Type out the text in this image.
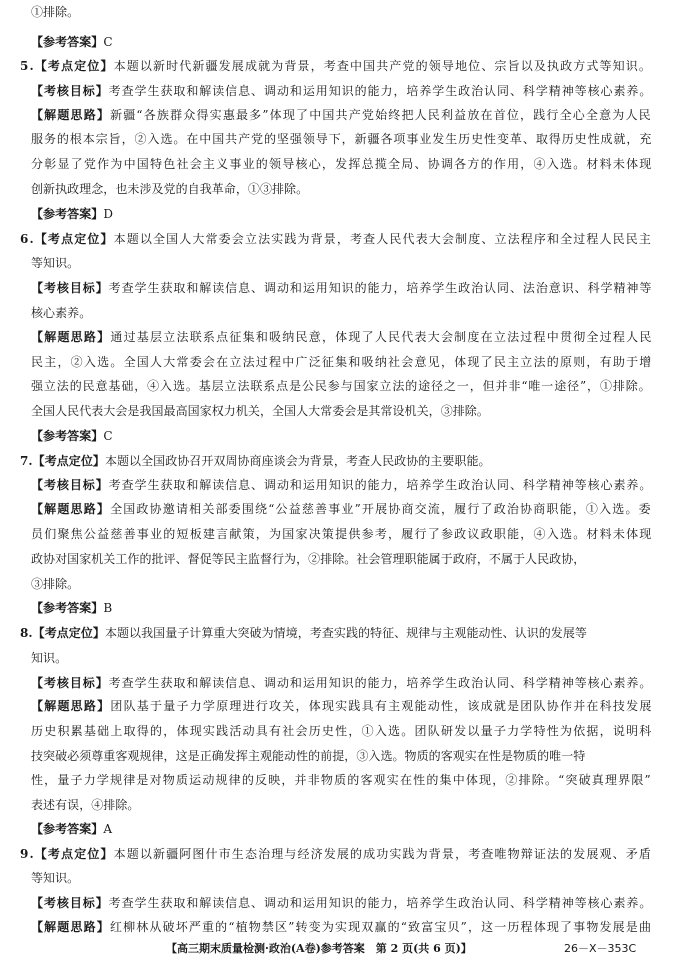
①排除。
【参考答案】C
5.【考点定位】本题以新时代新疆发展成就为背景，考查中国共产党的领导地位、宗旨以及执政方式等知识。
【考核目标】考查学生获取和解读信息、调动和运用知识的能力，培养学生政治认同、科学精神等核心素养。
【解题思路】新疆“各族群众得实惠最多”体现了中国共产党始终把人民利益放在首位，践行全心全意为人民
服务的根本宗旨，②入选。在中国共产党的坚强领导下，新疆各项事业发生历史性变革、取得历史性成就，充
分彰显了党作为中国特色社会主义事业的领导核心，发挥总揽全局、协调各方的作用，④入选。材料未体现
创新执政理念，也未涉及党的自我革命，①③排除。
【参考答案】D
6.【考点定位】本题以全国人大常委会立法实践为背景，考查人民代表大会制度、立法程序和全过程人民民主
等知识。
【考核目标】考查学生获取和解读信息、调动和运用知识的能力，培养学生政治认同、法治意识、科学精神等
核心素养。
【解题思路】通过基层立法联系点征集和吸纳民意，体现了人民代表大会制度在立法过程中贯彻全过程人民
民主，②入选。全国人大常委会在立法过程中广泛征集和吸纳社会意见，体现了民主立法的原则，有助于增
强立法的民意基础，④入选。基层立法联系点是公民参与国家立法的途径之一，但并非“唯一途径”，①排除。
全国人民代表大会是我国最高国家权力机关，全国人大常委会是其常设机关，③排除。
【参考答案】C
7.【考点定位】本题以全国政协召开双周协商座谈会为背景，考查人民政协的主要职能。
【考核目标】考查学生获取和解读信息、调动和运用知识的能力，培养学生政治认同、科学精神等核心素养。
【解题思路】全国政协邀请相关部委围绕“公益慈善事业”开展协商交流，履行了政治协商职能，①入选。委
员们聚焦公益慈善事业的短板建言献策，为国家决策提供参考，履行了参政议政职能，④入选。材料未体现
政协对国家机关工作的批评、督促等民主监督行为，②排除。社会管理职能属于政府，不属于人民政协，
③排除。
【参考答案】B
8.【考点定位】本题以我国量子计算重大突破为情境，考查实践的特征、规律与主观能动性、认识的发展等
知识。
【考核目标】考查学生获取和解读信息、调动和运用知识的能力，培养学生政治认同、科学精神等核心素养。
【解题思路】团队基于量子力学原理进行攻关，体现实践具有主观能动性，该成就是团队协作并在科技发展
历史积累基础上取得的，体现实践活动具有社会历史性，①入选。团队研发以量子力学特性为依据，说明科
技突破必须尊重客观规律，这是正确发挥主观能动性的前提，③入选。物质的客观实在性是物质的唯一特
性，量子力学规律是对物质运动规律的反映，并非物质的客观实在性的集中体现，②排除。“突破真理界限”
表述有误，④排除。
【参考答案】A
9.【考点定位】本题以新疆阿图什市生态治理与经济发展的成功实践为背景，考查唯物辩证法的发展观、矛盾
等知识。
【考核目标】考查学生获取和解读信息、调动和运用知识的能力，培养学生政治认同、科学精神等核心素养。
【解题思路】红柳林从破坏严重的“植物禁区”转变为实现双赢的“致富宝贝”，这一历程体现了事物发展是曲
【高三期末质量检测·政治(A卷)参考答案　第 2 页(共 6 页)】	26－X－353C
